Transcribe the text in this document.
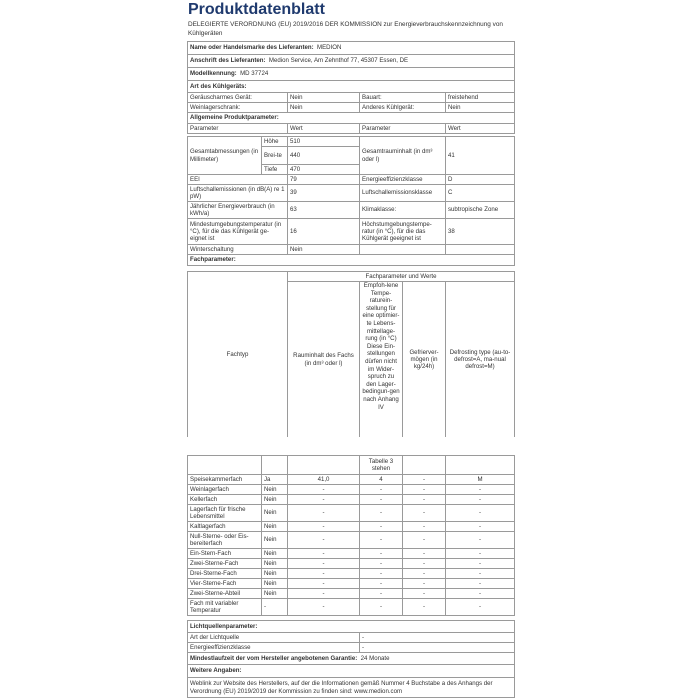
Produktdatenblatt
DELEGIERTE VERORDNUNG (EU) 2019/2016 DER KOMMISSION zur Energieverbrauchskennzeichnung von Kühlgeräten
Name oder Handelsmarke des Lieferanten: MEDION			
Anschrift des Lieferanten: Medion Service, Am Zehnthof 77, 45307 Essen, DE			
Modellkennung: MD 37724			
Art des Kühlgeräts:			
Geräuscharmes Gerät:	Nein	Bauart:	freistehend
Weinlagerschrank:	Nein	Anderes Kühlgerät:	Nein
Allgemeine Produktparameter:			
Parameter	Wert	Parameter	Wert
Gesamtabmessungen (in Millimeter)	Höhe	510	Gesamtrauminhalt (in dm³ oder l)	41
	Brei-te	440		
	Tiefe	470		
EEI		79	Energieeffizienzklasse	D
Luftschallemissionen (in dB(A) re 1 pW)		39	Luftschallemissionsklasse	C
Jährlicher Energieverbrauch (in kWh/a)		63	Klimaklasse:	subtropische Zone
Mindestumgebungstemperatur (in °C), für die das Kühlgerät ge-eignet ist		16	Höchstumgebungstempe-ratur (in °C), für die das Kühlgerät geeignet ist	38
Winterschaltung		Nein		
Fachparameter:				
Fachtyp	Fachparameter und Werte			
	Rauminhalt des Fachs (in dm³ oder l)	Empfoh-lene Tempe-raturein-stellung für eine optimier-te Lebens-mittellage-rung (in °C) Diese Ein-stellungen dürfen nicht im Wider-spruch zu den Lager-bedingun-gen nach Anhang IV	Gefrierver-mögen (in kg/24h)	Defrosting type (au-to-defrost=A, ma-nual defrost=M)
			Tabelle 3 stehen		
Speisekammerfach	Ja	41,0	4	-	M
Weinlagerfach	Nein	-	-	-	-
Kellerfach	Nein	-	-	-	-
Lagerfach für frische Lebensmittel	Nein	-	-	-	-
Kaltlagerfach	Nein	-	-	-	-
Null-Sterne- oder Eis-bereiterfach	Nein	-	-	-	-
Ein-Stern-Fach	Nein	-	-	-	-
Zwei-Sterne-Fach	Nein	-	-	-	-
Drei-Sterne-Fach	Nein	-	-	-	-
Vier-Sterne-Fach	Nein	-	-	-	-
Zwei-Sterne-Abteil	Nein	-	-	-	-
Fach mit variabler Temperatur	-	-	-	-	-
Lichtquellenparameter:	
Art der Lichtquelle	-
Energieeffizienzklasse	-
Mindestlaufzeit der vom Hersteller angebotenen Garantie: 24 Monate	
Weitere Angaben:	
Weblink zur Website des Herstellers, auf der die Informationen gemäß Nummer 4 Buchstabe a des Anhangs der Verordnung (EU) 2019/2019 der Kommission zu finden sind: www.medion.com	
